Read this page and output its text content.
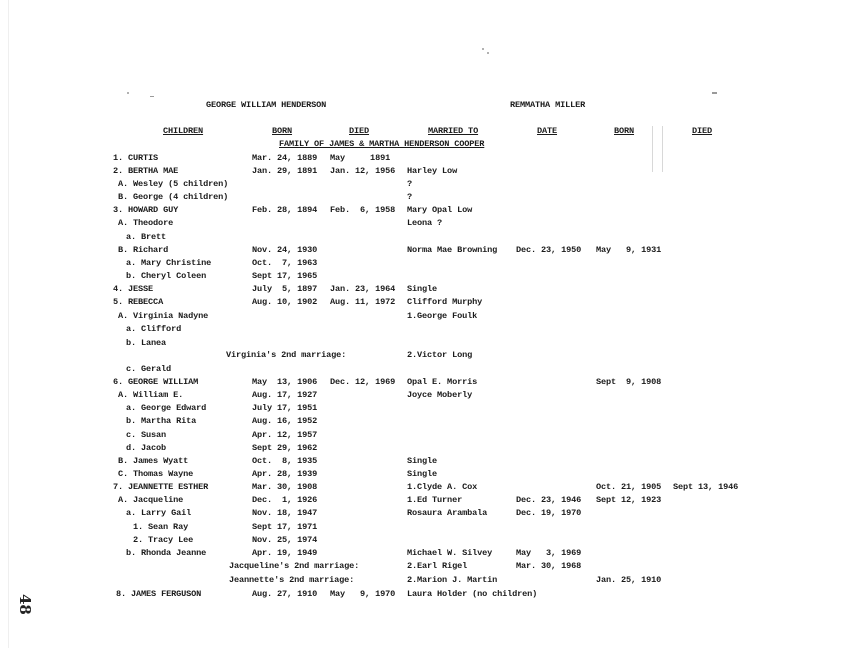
GEORGE WILLIAM HENDERSON	REMMATHA MILLER
CHILDREN	BORN	DIED	MARRIED TO	DATE	BORN	DIED
FAMILY OF JAMES & MARTHA HENDERSON COOPER
1. CURTIS	Mar. 24, 1889 May     1891
2. BERTHA MAE	Jan. 29, 1891 Jan. 12, 1956 Harley Low
A. Wesley (5 children)	?
B. George (4 children)	?
3. HOWARD GUY	Feb. 28, 1894 Feb.  6, 1958 Mary Opal Low
A. Theodore	Leona ?
a. Brett
B. Richard	Nov. 24, 1930	Norma Mae Browning Dec. 23, 1950 May   9, 1931
a. Mary Christine	Oct.  7, 1963
b. Cheryl Coleen	Sept 17, 1965
4. JESSE	July  5, 1897 Jan. 23, 1964 Single
5. REBECCA	Aug. 10, 1902 Aug. 11, 1972 Clifford Murphy
A. Virginia Nadyne	1.George Foulk
a. Clifford
b. Lanea
Virginia's 2nd marriage:	2.Victor Long
c. Gerald
6. GEORGE WILLIAM	May  13, 1906 Dec. 12, 1969 Opal E. Morris	Sept  9, 1908
A. William E.	Aug. 17, 1927	Joyce Moberly
a. George Edward	July 17, 1951
b. Martha Rita	Aug. 16, 1952
c. Susan	Apr. 12, 1957
d. Jacob	Sept 29, 1962
B. James Wyatt	Oct.  8, 1935	Single
C. Thomas Wayne	Apr. 28, 1939	Single
7. JEANNETTE ESTHER	Mar. 30, 1908	1.Clyde A. Cox	Oct. 21, 1905 Sept 13, 1946
A. Jacqueline	Dec.  1, 1926	1.Ed Turner	Dec. 23, 1946 Sept 12, 1923
a. Larry Gail	Nov. 18, 1947	Rosaura Arambala	Dec. 19, 1970
1. Sean Ray	Sept 17, 1971
2. Tracy Lee	Nov. 25, 1974
b. Rhonda Jeanne	Apr. 19, 1949	Michael W. Silvey	May   3, 1969
Jacqueline's 2nd marriage:	2.Earl Rigel	Mar. 30, 1968
Jeannette's 2nd marriage:	2.Marion J. Martin	Jan. 25, 1910
8. JAMES FERGUSON	Aug. 27, 1910 May   9, 1970 Laura Holder (no children)
48
